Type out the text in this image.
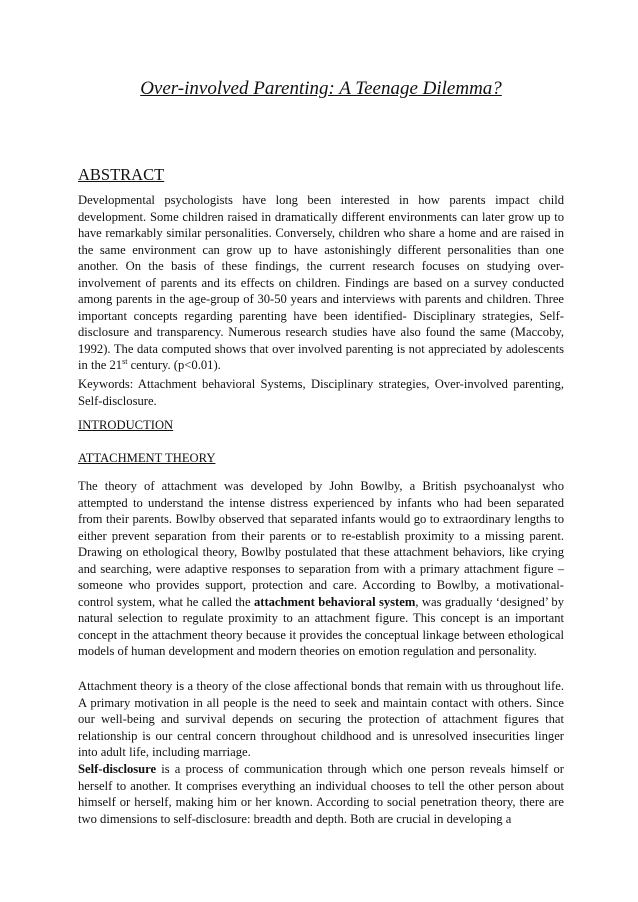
Over-involved Parenting: A Teenage Dilemma?
ABSTRACT
Developmental psychologists have long been interested in how parents impact child development. Some children raised in dramatically different environments can later grow up to have remarkably similar personalities. Conversely, children who share a home and are raised in the same environment can grow up to have astonishingly different personalities than one another. On the basis of these findings, the current research focuses on studying over-involvement of parents and its effects on children. Findings are based on a survey conducted among parents in the age-group of 30-50 years and interviews with parents and children. Three important concepts regarding parenting have been identified- Disciplinary strategies, Self-disclosure and transparency. Numerous research studies have also found the same (Maccoby, 1992). The data computed shows that over involved parenting is not appreciated by adolescents in the 21st century. (p<0.01).
Keywords: Attachment behavioral Systems, Disciplinary strategies, Over-involved parenting, Self-disclosure.
INTRODUCTION
ATTACHMENT THEORY
The theory of attachment was developed by John Bowlby, a British psychoanalyst who attempted to understand the intense distress experienced by infants who had been separated from their parents. Bowlby observed that separated infants would go to extraordinary lengths to either prevent separation from their parents or to re-establish proximity to a missing parent. Drawing on ethological theory, Bowlby postulated that these attachment behaviors, like crying and searching, were adaptive responses to separation from with a primary attachment figure – someone who provides support, protection and care. According to Bowlby, a motivational-control system, what he called the attachment behavioral system, was gradually ‘designed’ by natural selection to regulate proximity to an attachment figure. This concept is an important concept in the attachment theory because it provides the conceptual linkage between ethological models of human development and modern theories on emotion regulation and personality.
Attachment theory is a theory of the close affectional bonds that remain with us throughout life. A primary motivation in all people is the need to seek and maintain contact with others. Since our well-being and survival depends on securing the protection of attachment figures that relationship is our central concern throughout childhood and is unresolved insecurities linger into adult life, including marriage.
Self-disclosure is a process of communication through which one person reveals himself or herself to another. It comprises everything an individual chooses to tell the other person about himself or herself, making him or her known. According to social penetration theory, there are two dimensions to self-disclosure: breadth and depth. Both are crucial in developing a
